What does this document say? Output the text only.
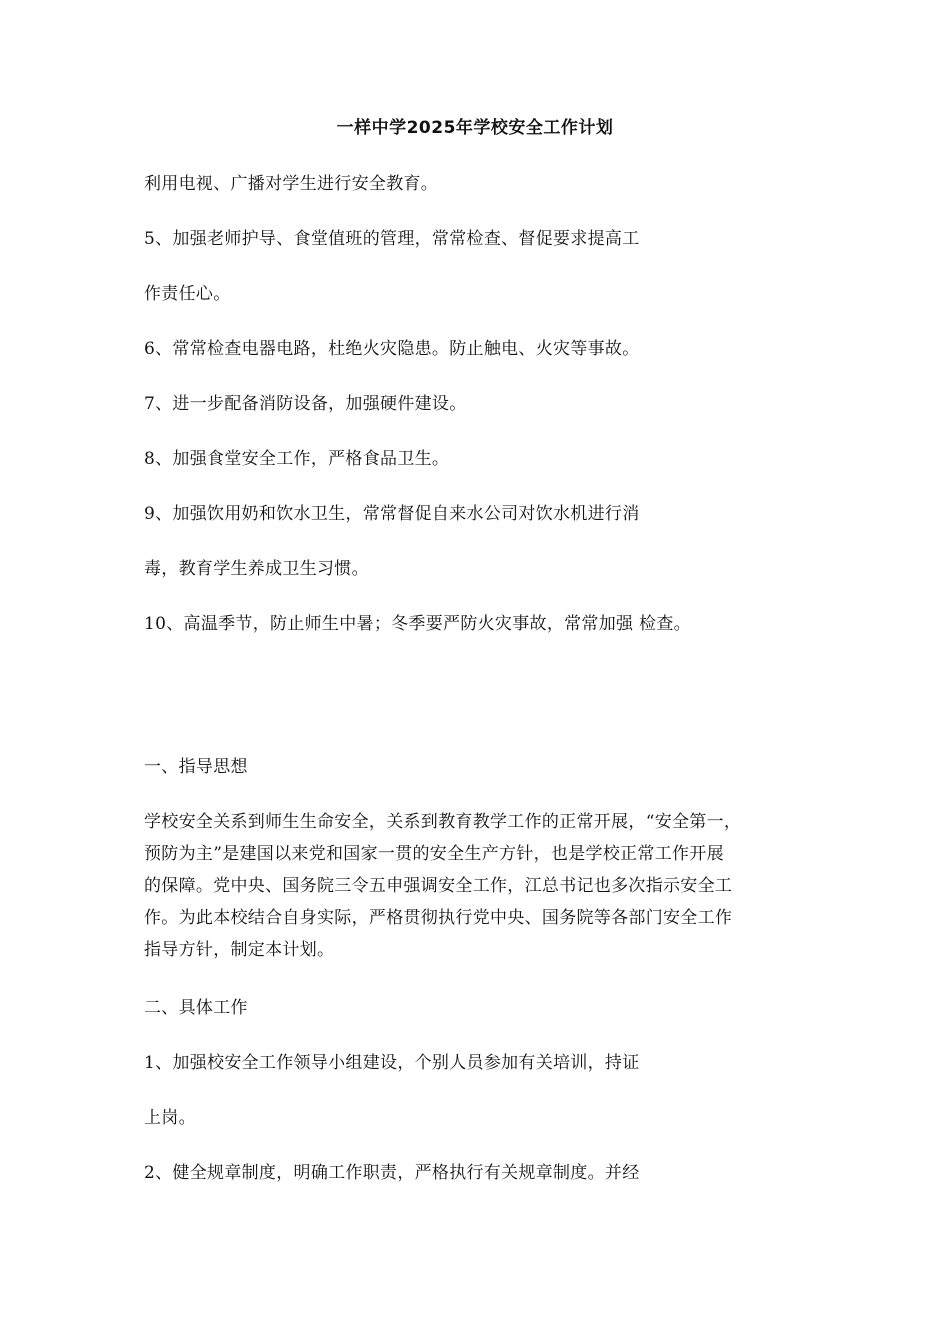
一样中学2025年学校安全工作计划
利用电视、广播对学生进行安全教育。
5、加强老师护导、食堂值班的管理，常常检查、督促要求提高工
作责任心。
6、常常检查电器电路，杜绝火灾隐患。防止触电、火灾等事故。
7、进一步配备消防设备，加强硬件建设。
8、加强食堂安全工作，严格食品卫生。
9、加强饮用奶和饮水卫生，常常督促自来水公司对饮水机进行消
毒，教育学生养成卫生习惯。
10、高温季节，防止师生中暑；冬季要严防火灾事故，常常加强 检查。
一、指导思想
学校安全关系到师生生命安全，关系到教育教学工作的正常开展，“安全第一，
预防为主”是建国以来党和国家一贯的安全生产方针，也是学校正常工作开展
的保障。党中央、国务院三令五申强调安全工作，江总书记也多次指示安全工
作。为此本校结合自身实际，严格贯彻执行党中央、国务院等各部门安全工作
指导方针，制定本计划。
二、具体工作
1、加强校安全工作领导小组建设，个别人员参加有关培训，持证
上岗。
2、健全规章制度，明确工作职责，严格执行有关规章制度。并经
